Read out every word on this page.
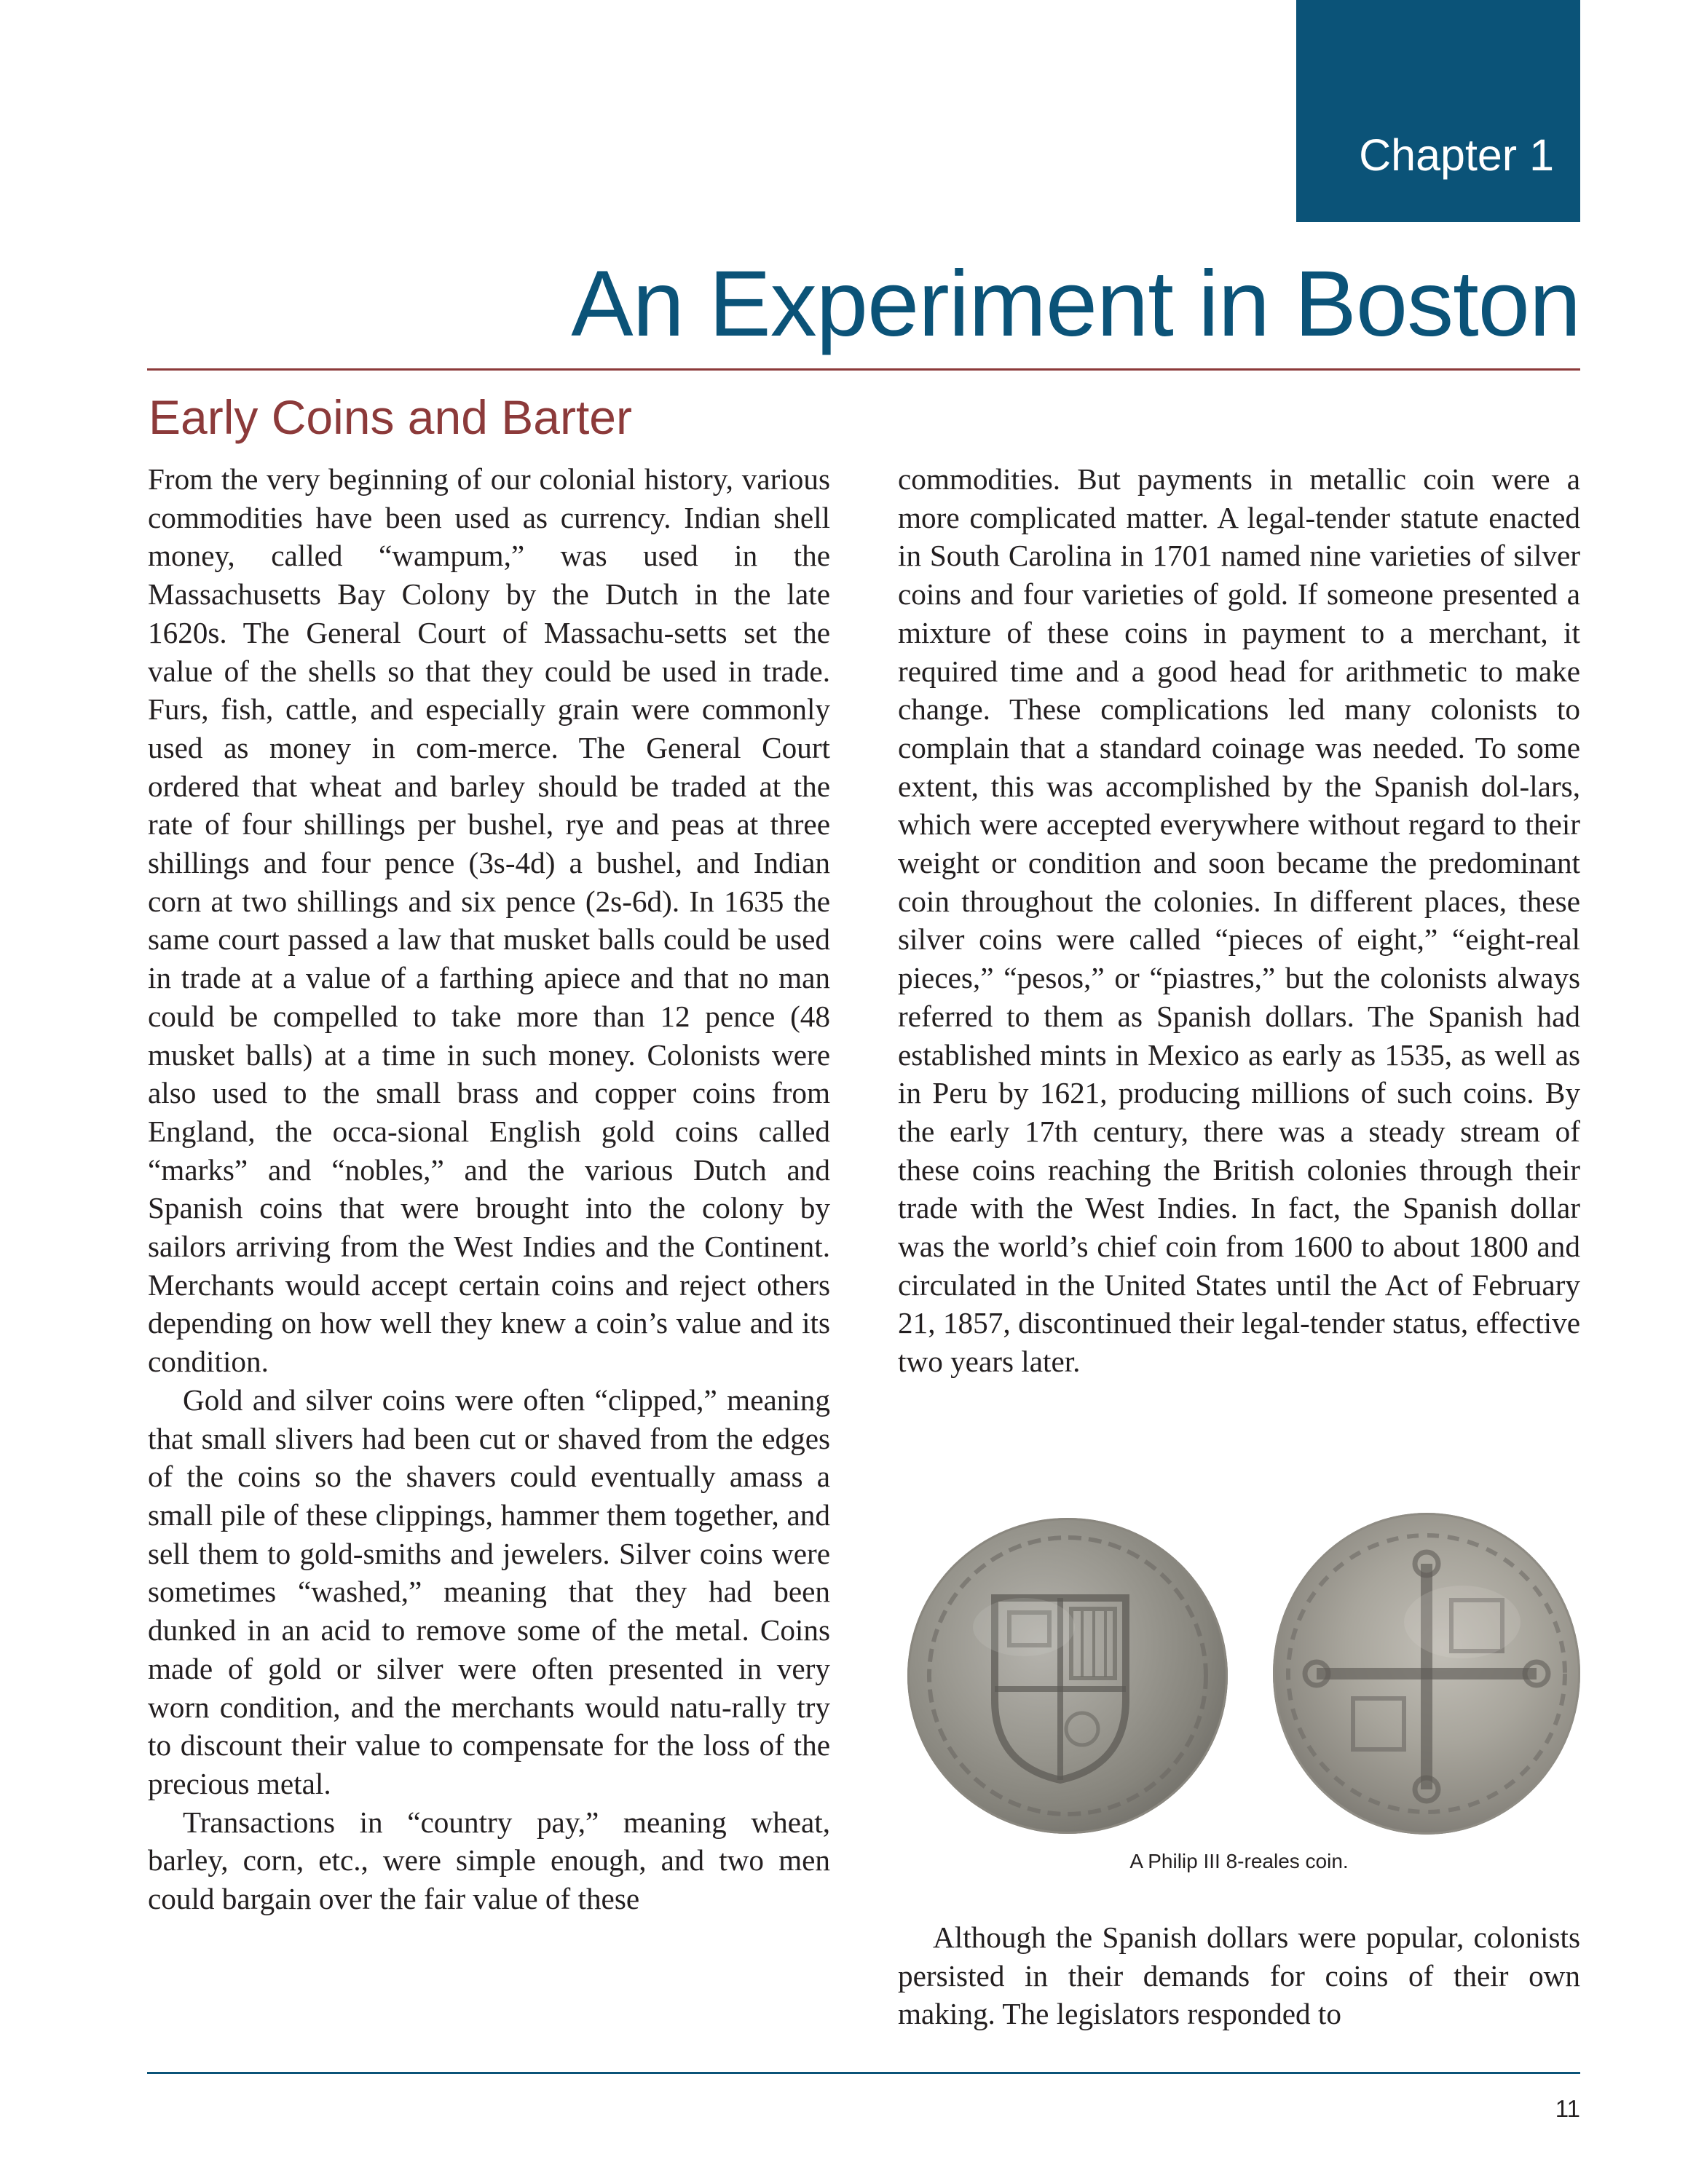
Chapter 1

An Experiment in Boston
Early Coins and Barter

From the very beginning of our colonial history, various commodities have been used as currency. Indian shell money, called “wampum,” was used in the Massachusetts Bay Colony by the Dutch in the late 1620s. The General Court of Massachu-setts set the value of the shells so that they could be used in trade. Furs, fish, cattle, and especially grain were commonly used as money in com-merce. The General Court ordered that wheat and barley should be traded at the rate of four shillings per bushel, rye and peas at three shillings and four pence (3s-4d) a bushel, and Indian corn at two shillings and six pence (2s-6d). In 1635 the same court passed a law that musket balls could be used in trade at a value of a farthing apiece and that no man could be compelled to take more than 12 pence (48 musket balls) at a time in such money. Colonists were also used to the small brass and copper coins from England, the occa-sional English gold coins called “marks” and “nobles,” and the various Dutch and Spanish coins that were brought into the colony by sailors arriving from the West Indies and the Continent. Merchants would accept certain coins and reject others depending on how well they knew a coin’s value and its condition.

Gold and silver coins were often “clipped,” meaning that small slivers had been cut or shaved from the edges of the coins so the shavers could eventually amass a small pile of these clippings, hammer them together, and sell them to gold-smiths and jewelers. Silver coins were sometimes “washed,” meaning that they had been dunked in an acid to remove some of the metal. Coins made of gold or silver were often presented in very worn condition, and the merchants would natu-rally try to discount their value to compensate for the loss of the precious metal.

Transactions in “country pay,” meaning wheat, barley, corn, etc., were simple enough, and two men could bargain over the fair value of these

commodities. But payments in metallic coin were a more complicated matter. A legal-tender statute enacted in South Carolina in 1701 named nine varieties of silver coins and four varieties of gold. If someone presented a mixture of these coins in payment to a merchant, it required time and a good head for arithmetic to make change. These complications led many colonists to complain that a standard coinage was needed. To some extent, this was accomplished by the Spanish dol-lars, which were accepted everywhere without regard to their weight or condition and soon became the predominant coin throughout the colonies. In different places, these silver coins were called “pieces of eight,” “eight-real pieces,” “pesos,” or “piastres,” but the colonists always referred to them as Spanish dollars. The Spanish had established mints in Mexico as early as 1535, as well as in Peru by 1621, producing millions of such coins. By the early 17th century, there was a steady stream of these coins reaching the British colonies through their trade with the West Indies. In fact, the Spanish dollar was the world’s chief coin from 1600 to about 1800 and circulated in the United States until the Act of February 21, 1857, discontinued their legal-tender status, effective two years later.

A Philip III 8-reales coin.

Although the Spanish dollars were popular, colonists persisted in their demands for coins of their own making. The legislators responded to

11
